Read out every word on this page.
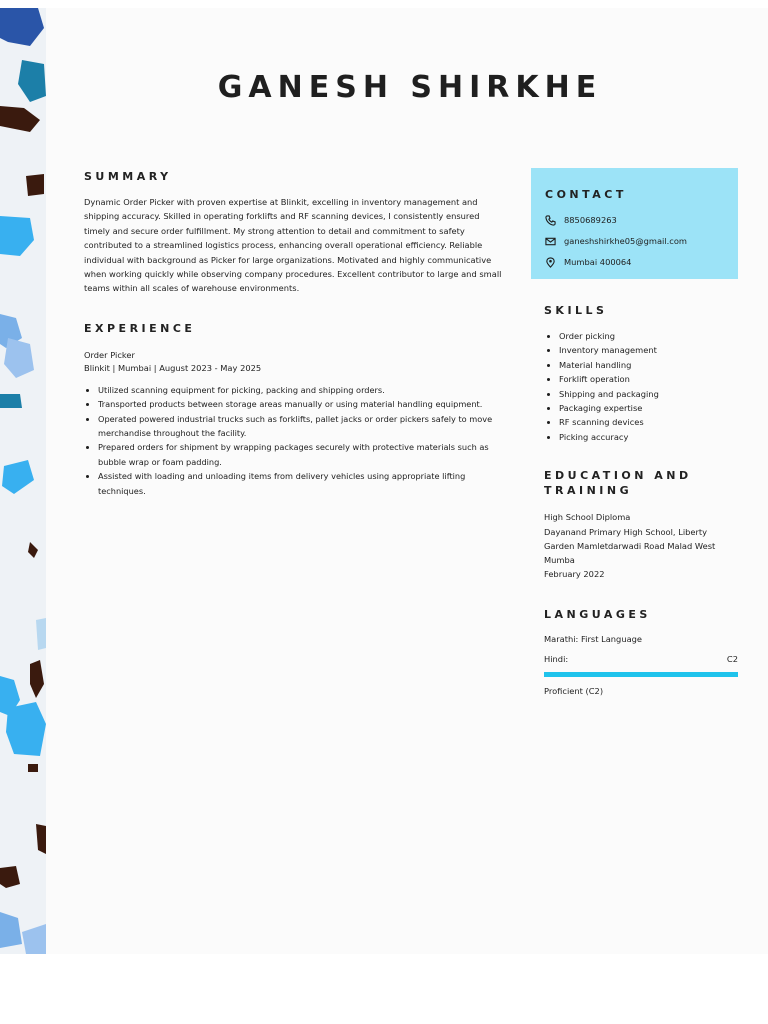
GANESH SHIRKHE
SUMMARY

Dynamic Order Picker with proven expertise at Blinkit, excelling in inventory management and shipping accuracy. Skilled in operating forklifts and RF scanning devices, I consistently ensured timely and secure order fulfillment. My strong attention to detail and commitment to safety contributed to a streamlined logistics process, enhancing overall operational efficiency. Reliable individual with background as Picker for large organizations. Motivated and highly communicative when working quickly while observing company procedures. Excellent contributor to large and small teams within all scales of warehouse environments.

EXPERIENCE
Order Picker
Blinkit | Mumbai | August 2023 - May 2025
• Utilized scanning equipment for picking, packing and shipping orders.
• Transported products between storage areas manually or using material handling equipment.
• Operated powered industrial trucks such as forklifts, pallet jacks or order pickers safely to move merchandise throughout the facility.
• Prepared orders for shipment by wrapping packages securely with protective materials such as bubble wrap or foam padding.
• Assisted with loading and unloading items from delivery vehicles using appropriate lifting techniques.
CONTACT
8850689263
ganeshshirkhe05@gmail.com
Mumbai 400064
SKILLS
• Order picking
• Inventory management
• Material handling
• Forklift operation
• Shipping and packaging
• Packaging expertise
• RF scanning devices
• Picking accuracy
EDUCATION AND TRAINING
High School Diploma
Dayanand Primary High School, Liberty Garden Mamletdarwadi Road Malad West Mumba
February 2022
LANGUAGES
Marathi: First Language
Hindi:	C2
Proficient (C2)
